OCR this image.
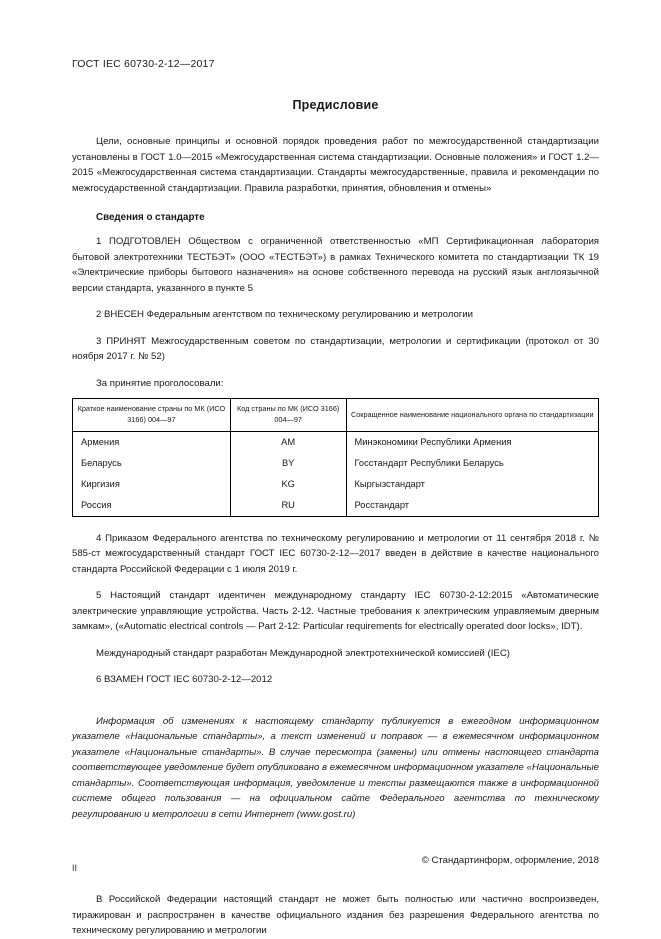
ГОСТ IEC 60730-2-12—2017
Предисловие

Цели, основные принципы и основной порядок проведения работ по межгосударственной стандартизации установлены в ГОСТ 1.0—2015 «Межгосударственная система стандартизации. Основные положения» и ГОСТ 1.2—2015 «Межгосударственная система стандартизации. Стандарты межгосударственные, правила и рекомендации по межгосударственной стандартизации. Правила разработки, принятия, обновления и отмены»

Сведения о стандарте

1 ПОДГОТОВЛЕН Обществом с ограниченной ответственностью «МП Сертификационная лаборатория бытовой электротехники ТЕСТБЭТ» (ООО «ТЕСТБЭТ») в рамках Технического комитета по стандартизации ТК 19 «Электрические приборы бытового назначения» на основе собственного перевода на русский язык англоязычной версии стандарта, указанного в пункте 5

2 ВНЕСЕН Федеральным агентством по техническому регулированию и метрологии

3 ПРИНЯТ Межгосударственным советом по стандартизации, метрологии и сертификации (протокол от 30 ноября 2017 г. № 52)

За принятие проголосовали:

Краткое наименование страны по МК (ИСО 3166) 004—97	Код страны по МК (ИСО 3166) 004—97	Сокращенное наименование национального органа по стандартизации
Армения	AM	Минэкономики Республики Армения
Беларусь	BY	Госстандарт Республики Беларусь
Киргизия	KG	Кыргызстандарт
Россия	RU	Росстандарт

4 Приказом Федерального агентства по техническому регулированию и метрологии от 11 сентября 2018 г. № 585-ст межгосударственный стандарт ГОСТ IEC 60730-2-12—2017 введен в действие в качестве национального стандарта Российской Федерации с 1 июля 2019 г.

5 Настоящий стандарт идентичен международному стандарту IEC 60730-2-12:2015 «Автоматические электрические управляющие устройства. Часть 2-12. Частные требования к электрическим управляемым дверным замкам», («Automatic electrical controls — Part 2-12: Particular requirements for electrically operated door locks», IDT).

Международный стандарт разработан Международной электротехнической комиссией (IEC)

6 ВЗАМЕН ГОСТ IEC 60730-2-12—2012

Информация об изменениях к настоящему стандарту публикуется в ежегодном информационном указателе «Национальные стандарты», а текст изменений и поправок — в ежемесячном информационном указателе «Национальные стандарты». В случае пересмотра (замены) или отмены настоящего стандарта соответствующее уведомление будет опубликовано в ежемесячном информационном указателе «Национальные стандарты». Соответствующая информация, уведомление и тексты размещаются также в информационной системе общего пользования — на официальном сайте Федерального агентства по техническому регулированию и метрологии в сети Интернет (www.gost.ru)

© Стандартинформ, оформление, 2018

В Российской Федерации настоящий стандарт не может быть полностью или частично воспроизведен, тиражирован и распространен в качестве официального издания без разрешения Федерального агентства по техническому регулированию и метрологии

II
